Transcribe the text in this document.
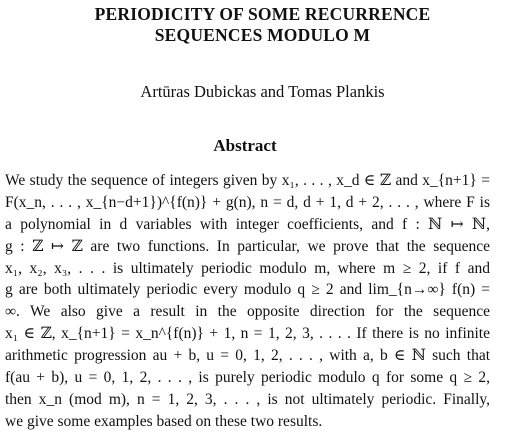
PERIODICITY OF SOME RECURRENCE
SEQUENCES MODULO M
Artūras Dubickas and Tomas Plankis
Abstract
We study the sequence of integers given by x₁, . . . , x_d ∈ ℤ and x_{n+1} =
F(x_n, . . . , x_{n−d+1})^{f(n)} + g(n), n = d, d + 1, d + 2, . . . , where F is
a polynomial in d variables with integer coefficients, and f : ℕ ↦ ℕ,
g : ℤ ↦ ℤ are two functions. In particular, we prove that the sequence
x₁, x₂, x₃, . . . is ultimately periodic modulo m, where m ≥ 2, if f and
g are both ultimately periodic every modulo q ≥ 2 and lim_{n→∞} f(n) =
∞. We also give a result in the opposite direction for the sequence
x₁ ∈ ℤ, x_{n+1} = x_n^{f(n)} + 1, n = 1, 2, 3, . . . . If there is no infinite
arithmetic progression au + b, u = 0, 1, 2, . . . , with a, b ∈ ℕ such that
f(au + b), u = 0, 1, 2, . . . , is purely periodic modulo q for some q ≥ 2,
then x_n (mod m), n = 1, 2, 3, . . . , is not ultimately periodic. Finally,
we give some examples based on these two results.
